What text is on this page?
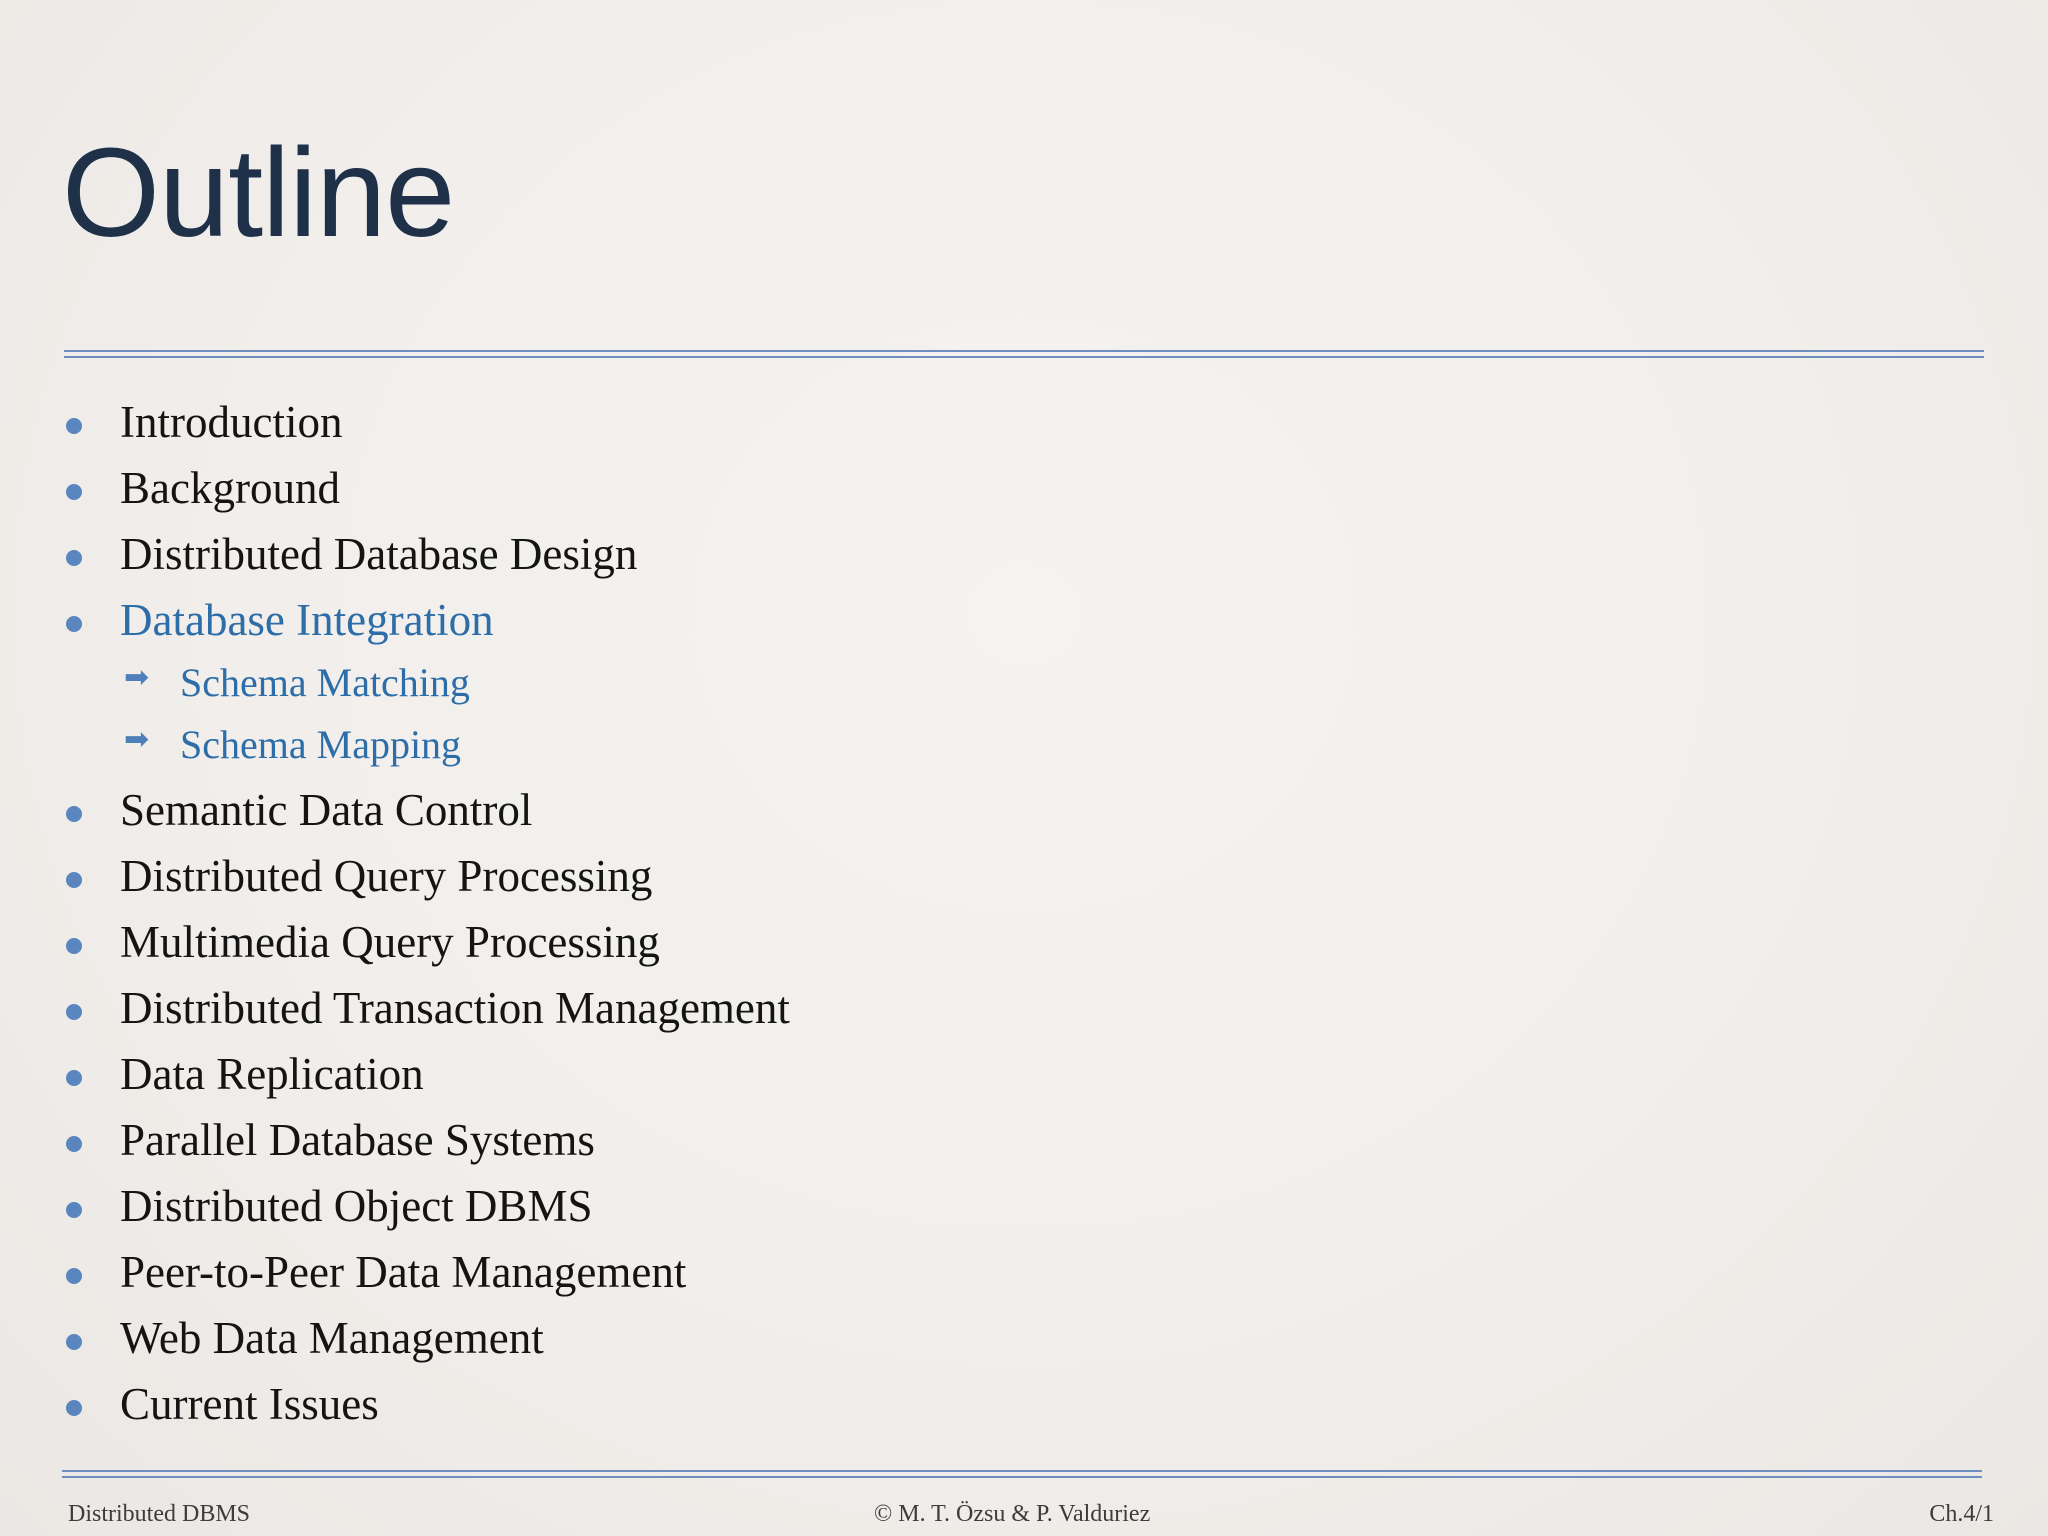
Outline
Introduction
Background
Distributed Database Design
Database Integration
➡ Schema Matching
➡ Schema Mapping
Semantic Data Control
Distributed Query Processing
Multimedia Query Processing
Distributed Transaction Management
Data Replication
Parallel Database Systems
Distributed Object DBMS
Peer-to-Peer Data Management
Web Data Management
Current Issues
Distributed DBMS	© M. T. Özsu & P. Valduriez	Ch.4/1
